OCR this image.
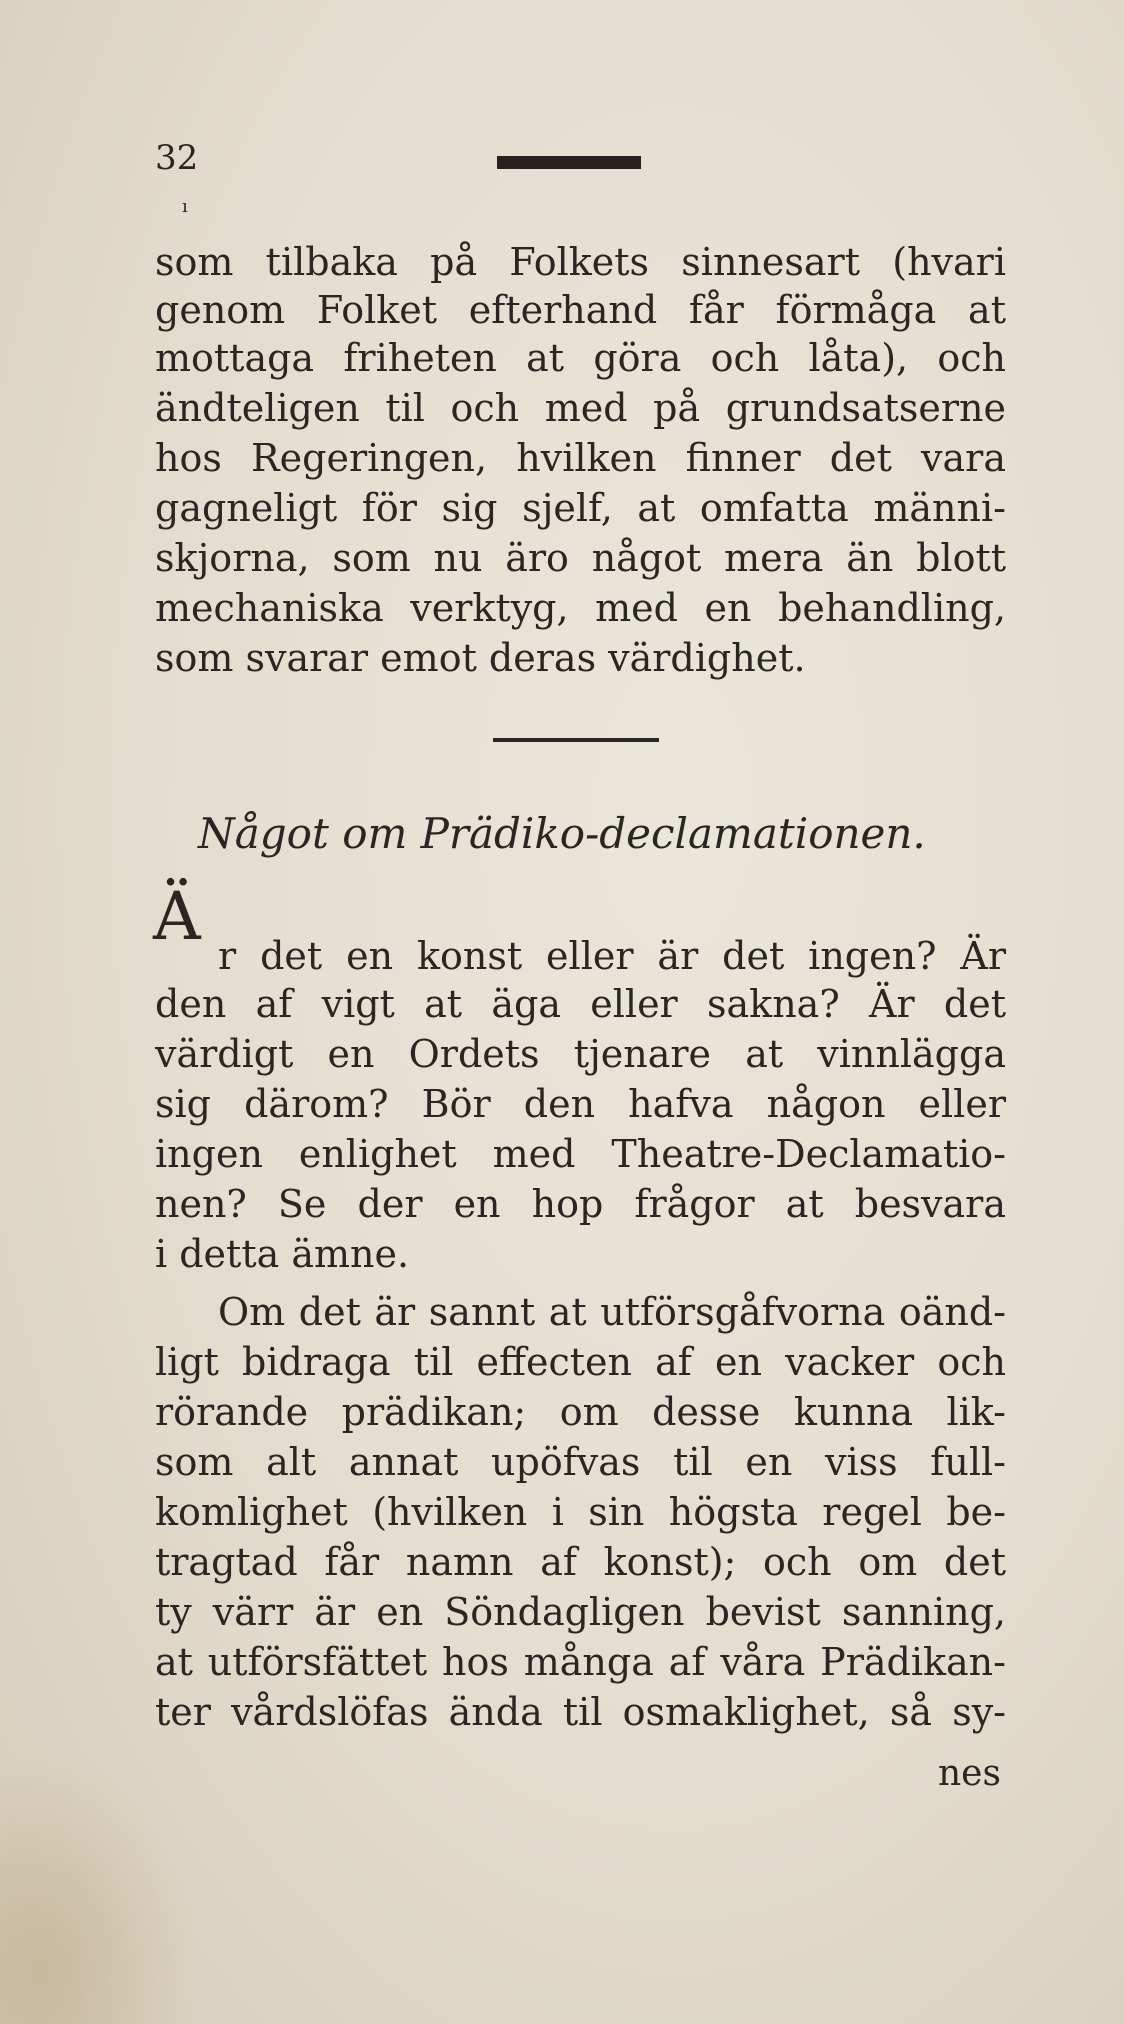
32
ı

som tilbaka på Folkets sinnesart (hvari

genom Folket efterhand får förmåga at

mottaga friheten at göra och låta), och

ändteligen til och med på grundsatserne

hos Regeringen, hvilken finner det vara

gagneligt för sig sjelf, at omfatta männi-

skjorna, som nu äro något mera än blott

mechaniska verktyg, med en behandling,

som svarar emot deras värdighet.

Något om Prädiko-declamationen.
Ä

r det en konst eller är det ingen? Är

den af vigt at äga eller sakna? Är det

värdigt en Ordets tjenare at vinnlägga

sig därom? Bör den hafva någon eller

ingen enlighet med Theatre-Declamatio-

nen? Se der en hop frågor at besvara

i detta ämne.

Om det är sannt at utförsgåfvorna oänd-

ligt bidraga til effecten af en vacker och

rörande prädikan; om desse kunna lik-

som alt annat upöfvas til en viss full-

komlighet (hvilken i sin högsta regel be-

tragtad får namn af konst); och om det

ty värr är en Söndagligen bevist sanning,

at utförsfättet hos många af våra Prädikan-

ter vårdslöfas ända til osmaklighet, så sy-

nes
